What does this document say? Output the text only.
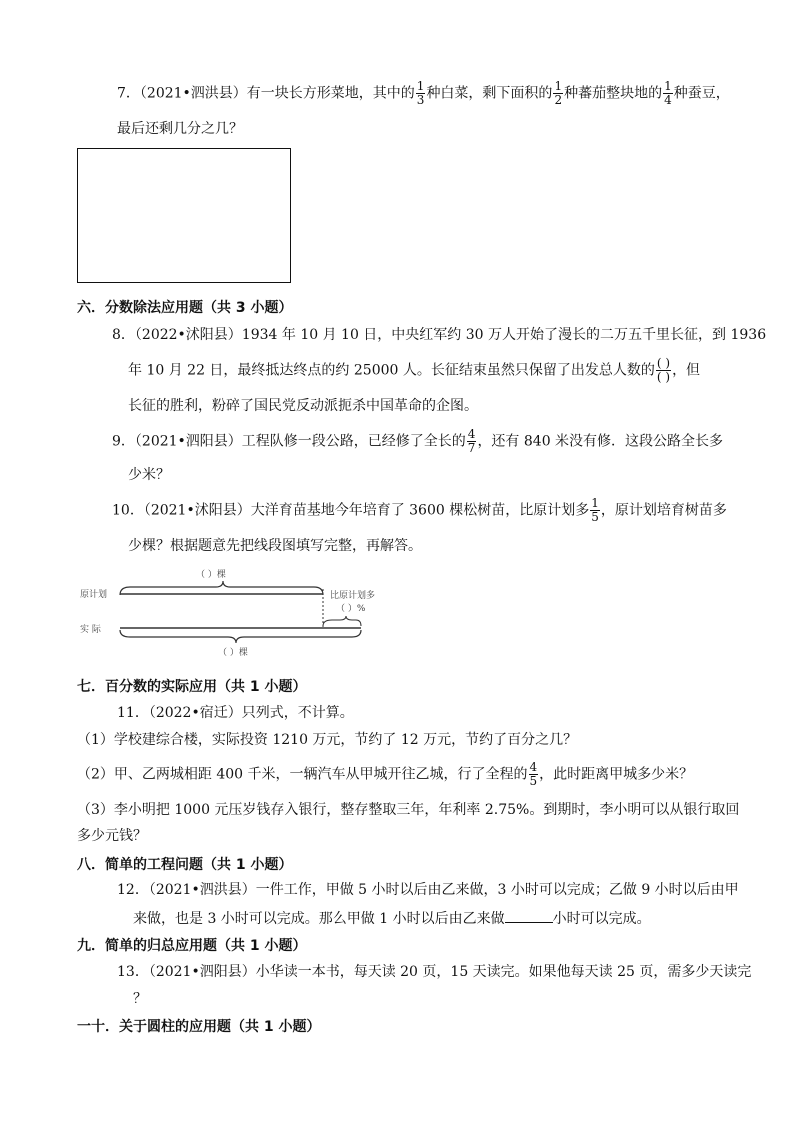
7．（2021•泗洪县）有一块长方形菜地，其中的 $\frac{1}{3}$ 种白菜，剩下面积的 $\frac{1}{2}$ 种蕃茄整块地的 $\frac{1}{4}$ 种蚕豆，
最后还剩几分之几？
六．分数除法应用题（共 3 小题）
8．（2022•沭阳县）1934 年 10 月 10 日，中央红军约 30 万人开始了漫长的二万五千里长征，到 1936
年 10 月 22 日，最终抵达终点的约 25000 人。长征结束虽然只保留了出发总人数的 $\frac{( )}{( )}$ ，但
长征的胜利，粉碎了国民党反动派扼杀中国革命的企图。
9．（2021•泗阳县）工程队修一段公路，已经修了全长的 $\frac{4}{7}$ ，还有 840 米没有修．这段公路全长多
少米？
10．（2021•沭阳县）大洋育苗基地今年培育了 3600 棵松树苗，比原计划多 $\frac{1}{5}$ ，原计划培育树苗多
少棵？根据题意先把线段图填写完整，再解答。
（ ）棵
原计划	比原计划多
（ ）%
实 际
（ ）棵
七．百分数的实际应用（共 1 小题）
11．（2022•宿迁）只列式，不计算。
（1）学校建综合楼，实际投资 1210 万元，节约了 12 万元，节约了百分之几？
（2）甲、乙两城相距 400 千米，一辆汽车从甲城开往乙城，行了全程的 $\frac{4}{5}$ ，此时距离甲城多少米？
（3）李小明把 1000 元压岁钱存入银行，整存整取三年，年利率 2.75%。到期时，李小明可以从银行取回
多少元钱？
八．简单的工程问题（共 1 小题）
12．（2021•泗洪县）一件工作，甲做 5 小时以后由乙来做，3 小时可以完成；乙做 9 小时以后由甲
来做，也是 3 小时可以完成。那么甲做 1 小时以后由乙来做	小时可以完成。
九．简单的归总应用题（共 1 小题）
13．（2021•泗阳县）小华读一本书，每天读 20 页，15 天读完。如果他每天读 25 页，需多少天读完
？
一十．关于圆柱的应用题（共 1 小题）
